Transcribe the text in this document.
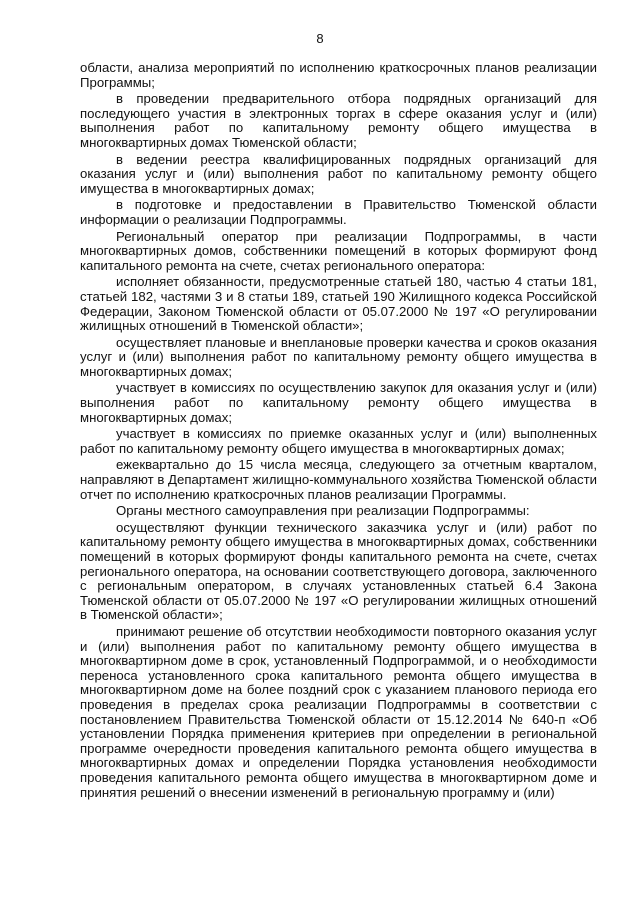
8

области, анализа мероприятий по исполнению краткосрочных планов реализации Программы;

в проведении предварительного отбора подрядных организаций для последующего участия в электронных торгах в сфере оказания услуг и (или) выполнения работ по капитальному ремонту общего имущества в многоквартирных домах Тюменской области;

в ведении реестра квалифицированных подрядных организаций для оказания услуг и (или) выполнения работ по капитальному ремонту общего имущества в многоквартирных домах;

в подготовке и предоставлении в Правительство Тюменской области информации о реализации Подпрограммы.

Региональный оператор при реализации Подпрограммы, в части многоквартирных домов, собственники помещений в которых формируют фонд капитального ремонта на счете, счетах регионального оператора:

исполняет обязанности, предусмотренные статьей 180, частью 4 статьи 181, статьей 182, частями 3 и 8 статьи 189, статьей 190 Жилищного кодекса Российской Федерации, Законом Тюменской области от 05.07.2000 № 197 «О регулировании жилищных отношений в Тюменской области»;

осуществляет плановые и внеплановые проверки качества и сроков оказания услуг и (или) выполнения работ по капитальному ремонту общего имущества в многоквартирных домах;

участвует в комиссиях по осуществлению закупок для оказания услуг и (или) выполнения работ по капитальному ремонту общего имущества в многоквартирных домах;

участвует в комиссиях по приемке оказанных услуг и (или) выполненных работ по капитальному ремонту общего имущества в многоквартирных домах;

ежеквартально до 15 числа месяца, следующего за отчетным кварталом, направляют в Департамент жилищно-коммунального хозяйства Тюменской области отчет по исполнению краткосрочных планов реализации Программы.

Органы местного самоуправления при реализации Подпрограммы:

осуществляют функции технического заказчика услуг и (или) работ по капитальному ремонту общего имущества в многоквартирных домах, собственники помещений в которых формируют фонды капитального ремонта на счете, счетах регионального оператора, на основании соответствующего договора, заключенного с региональным оператором, в случаях установленных статьей 6.4 Закона Тюменской области от 05.07.2000 № 197 «О регулировании жилищных отношений в Тюменской области»;

принимают решение об отсутствии необходимости повторного оказания услуг и (или) выполнения работ по капитальному ремонту общего имущества в многоквартирном доме в срок, установленный Подпрограммой, и о необходимости переноса установленного срока капитального ремонта общего имущества в многоквартирном доме на более поздний срок с указанием планового периода его проведения в пределах срока реализации Подпрограммы в соответствии с постановлением Правительства Тюменской области от 15.12.2014 № 640-п «Об установлении Порядка применения критериев при определении в региональной программе очередности проведения капитального ремонта общего имущества в многоквартирных домах и определении Порядка установления необходимости проведения капитального ремонта общего имущества в многоквартирном доме и принятия решений о внесении изменений в региональную программу и (или)
